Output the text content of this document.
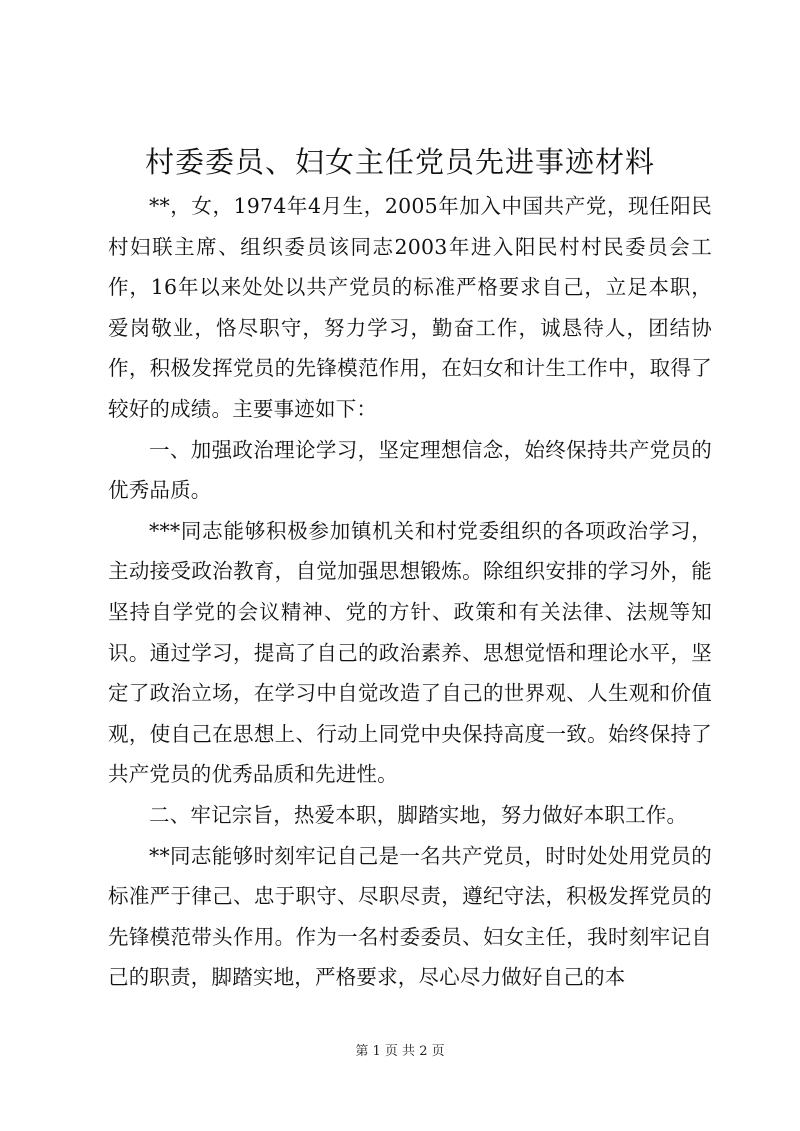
村委委员、妇女主任党员先进事迹材料

**，女，1974年4月生，2005年加入中国共产党，现任阳民村妇联主席、组织委员该同志2003年进入阳民村村民委员会工作，16年以来处处以共产党员的标准严格要求自己，立足本职，爱岗敬业，恪尽职守，努力学习，勤奋工作，诚恳待人，团结协作，积极发挥党员的先锋模范作用，在妇女和计生工作中，取得了较好的成绩。主要事迹如下：

一、加强政治理论学习，坚定理想信念，始终保持共产党员的优秀品质。

***同志能够积极参加镇机关和村党委组织的各项政治学习，主动接受政治教育，自觉加强思想锻炼。除组织安排的学习外，能坚持自学党的会议精神、党的方针、政策和有关法律、法规等知识。通过学习，提高了自己的政治素养、思想觉悟和理论水平，坚定了政治立场，在学习中自觉改造了自己的世界观、人生观和价值观，使自己在思想上、行动上同党中央保持高度一致。始终保持了共产党员的优秀品质和先进性。

二、牢记宗旨，热爱本职，脚踏实地，努力做好本职工作。

**同志能够时刻牢记自己是一名共产党员，时时处处用党员的标准严于律己、忠于职守、尽职尽责，遵纪守法，积极发挥党员的先锋模范带头作用。作为一名村委委员、妇女主任，我时刻牢记自己的职责，脚踏实地，严格要求，尽心尽力做好自己的本

第 1 页 共 2 页
